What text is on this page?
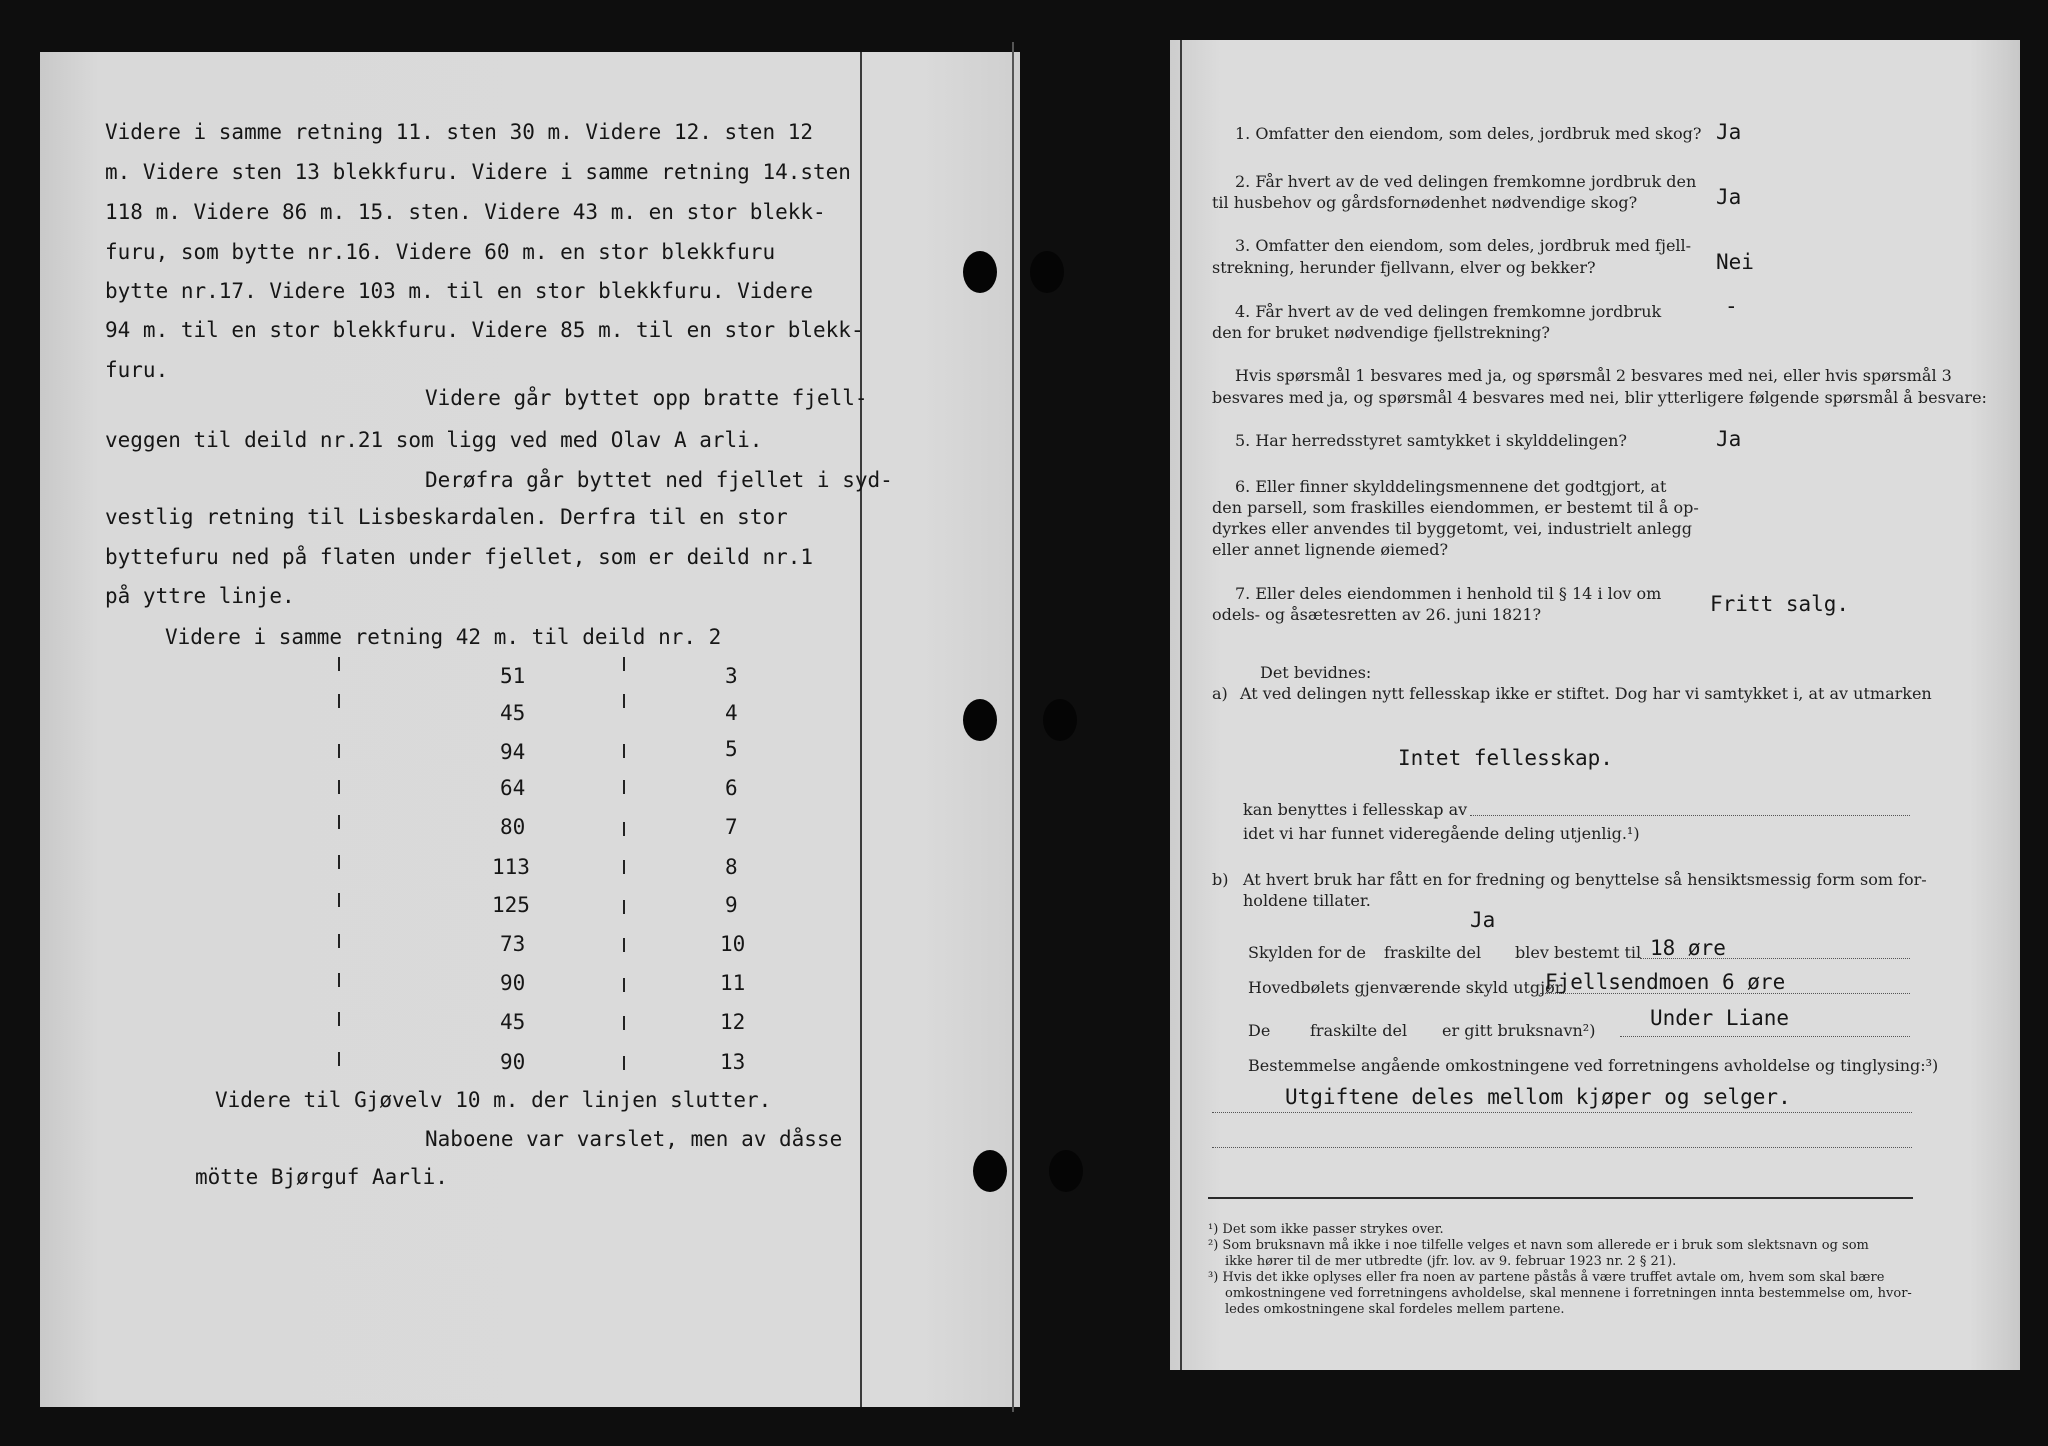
Videre i samme retning 11. sten 30 m. Videre 12. sten 12
m. Videre sten 13 blekkfuru. Videre i samme retning 14.sten
118 m. Videre 86 m. 15. sten. Videre 43 m. en stor blekk-
furu, som bytte nr.16. Videre 60 m. en stor blekkfuru
bytte nr.17. Videre 103 m. til en stor blekkfuru. Videre
94 m. til en stor blekkfuru. Videre 85 m. til en stor blekk-
furu.
Videre går byttet opp bratte fjell-
veggen til deild nr.21 som ligg ved med Olav A arli.
Derøfra går byttet ned fjellet i syd-
vestlig retning til Lisbeskardalen. Derfra til en stor
byttefuru ned på flaten under fjellet, som er deild nr.1
på yttre linje.
Videre i samme retning 42 m. til deild nr. 2
51	3
45	4
94	5
64	6
80	7
113	8
125	9
73	10
90	11
45	12
90	13
Videre til Gjøvelv 10 m. der linjen slutter.
Naboene var varslet, men av dåsse
mötte Bjørguf Aarli.
1. Omfatter den eiendom, som deles, jordbruk med skog? Ja
2. Får hvert av de ved delingen fremkomne jordbruk den
til husbehov og gårdsfornødenhet nødvendige skog?	Ja
3. Omfatter den eiendom, som deles, jordbruk med fjell-
strekning, herunder fjellvann, elver og bekker?	Nei
4. Får hvert av de ved delingen fremkomne jordbruk
den for bruket nødvendige fjellstrekning?
-
Hvis spørsmål 1 besvares med ja, og spørsmål 2 besvares med nei, eller hvis spørsmål 3
besvares med ja, og spørsmål 4 besvares med nei, blir ytterligere følgende spørsmål å besvare:
5. Har herredsstyret samtykket i skylddelingen?	Ja
6. Eller finner skylddelingsmennene det godtgjort, at
den parsell, som fraskilles eiendommen, er bestemt til å op-
dyrkes eller anvendes til byggetomt, vei, industrielt anlegg
eller annet lignende øiemed?
7. Eller deles eiendommen i henhold til § 14 i lov om
odels- og åsætesretten av 26. juni 1821?	Fritt salg.
Det bevidnes:
a) At ved delingen nytt fellesskap ikke er stiftet. Dog har vi samtykket i, at av utmarken
Intet fellesskap.
kan benyttes i fellesskap av
idet vi har funnet videregående deling utjenlig.¹)
b) At hvert bruk har fått en for fredning og benyttelse så hensiktsmessig form som for-
holdene tillater.
Ja
Skylden for de fraskilte del blev bestemt til 18 øre
Hovedbølets gjenværende skyld utgjør
Fjellsendmoen 6 øre
De fraskilte del er gitt bruksnavn²)
Under Liane
Bestemmelse angående omkostningene ved forretningens avholdelse og tinglysing:³)
Utgiftene deles mellom kjøper og selger.
¹) Det som ikke passer strykes over.
²) Som bruksnavn må ikke i noe tilfelle velges et navn som allerede er i bruk som slektsnavn og som
ikke hører til de mer utbredte (jfr. lov. av 9. februar 1923 nr. 2 § 21).
³) Hvis det ikke oplyses eller fra noen av partene påstås å være truffet avtale om, hvem som skal bære
omkostningene ved forretningens avholdelse, skal mennene i forretningen innta bestemmelse om, hvor-
ledes omkostningene skal fordeles mellem partene.
